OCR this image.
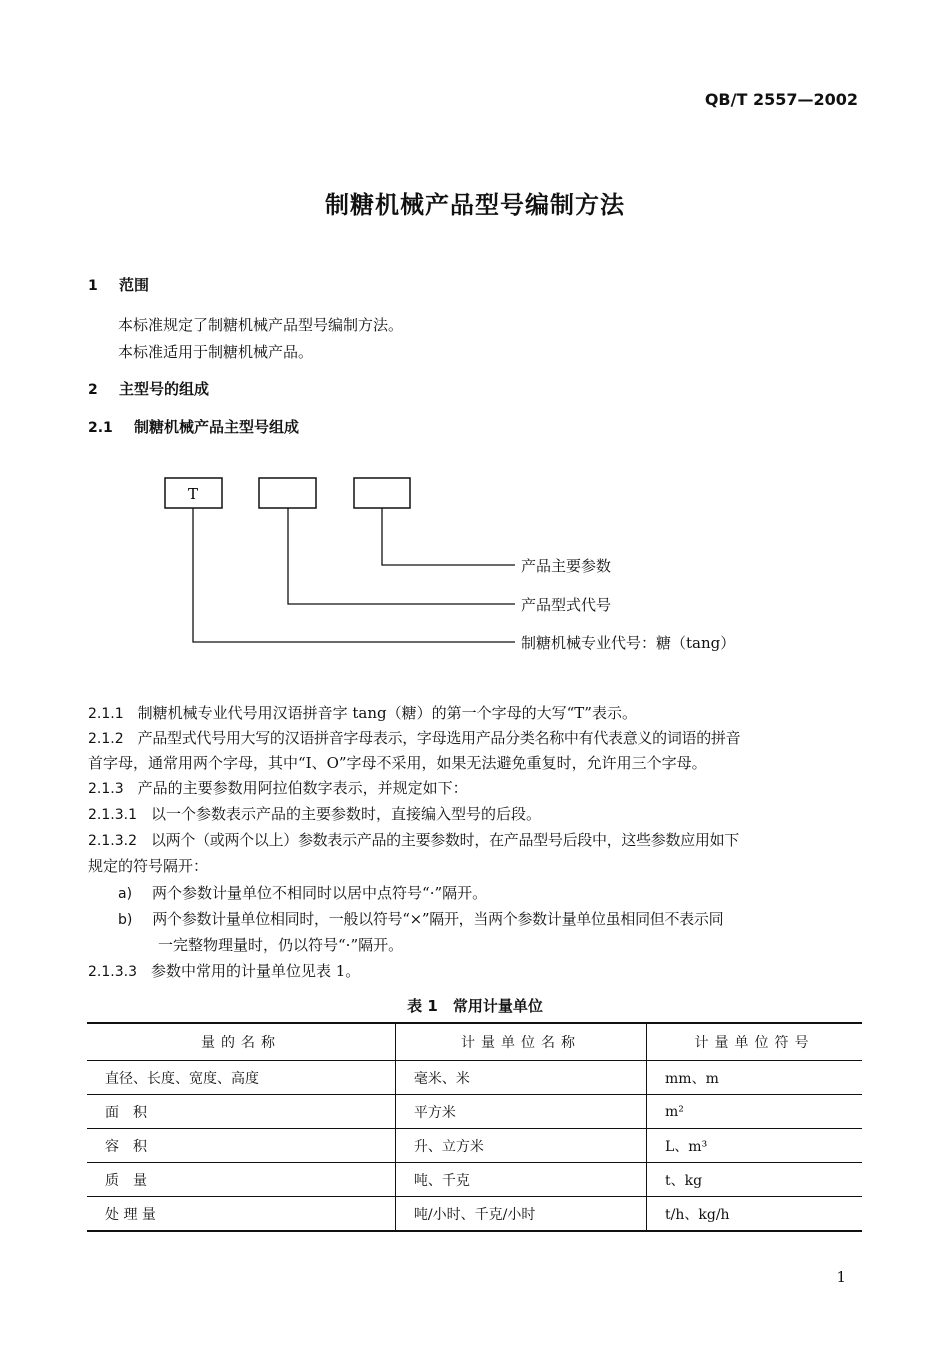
QB/T 2557—2002
制糖机械产品型号编制方法
1 范围
本标准规定了制糖机械产品型号编制方法。
本标准适用于制糖机械产品。
2 主型号的组成
2.1 制糖机械产品主型号组成
T
产品主要参数
产品型式代号
制糖机械专业代号：糖（tang）
2.1.1 制糖机械专业代号用汉语拼音字 tang（糖）的第一个字母的大写“T”表示。
2.1.2 产品型式代号用大写的汉语拼音字母表示，字母选用产品分类名称中有代表意义的词语的拼音
首字母，通常用两个字母，其中“I、O”字母不采用，如果无法避免重复时，允许用三个字母。
2.1.3 产品的主要参数用阿拉伯数字表示，并规定如下：
2.1.3.1 以一个参数表示产品的主要参数时，直接编入型号的后段。
2.1.3.2 以两个（或两个以上）参数表示产品的主要参数时，在产品型号后段中，这些参数应用如下
规定的符号隔开：
a) 两个参数计量单位不相同时以居中点符号“·”隔开。
b) 两个参数计量单位相同时，一般以符号“×”隔开，当两个参数计量单位虽相同但不表示同
一完整物理量时，仍以符号“·”隔开。
2.1.3.3 参数中常用的计量单位见表 1。
表 1　常用计量单位
量的名称	计量单位名称	计量单位符号
直径、长度、宽度、高度	毫米、米	mm、m
面　积	平方米	m²
容　积	升、立方米	L、m³
质　量	吨、千克	t、kg
处 理 量	吨/小时、千克/小时	t/h、kg/h
1
